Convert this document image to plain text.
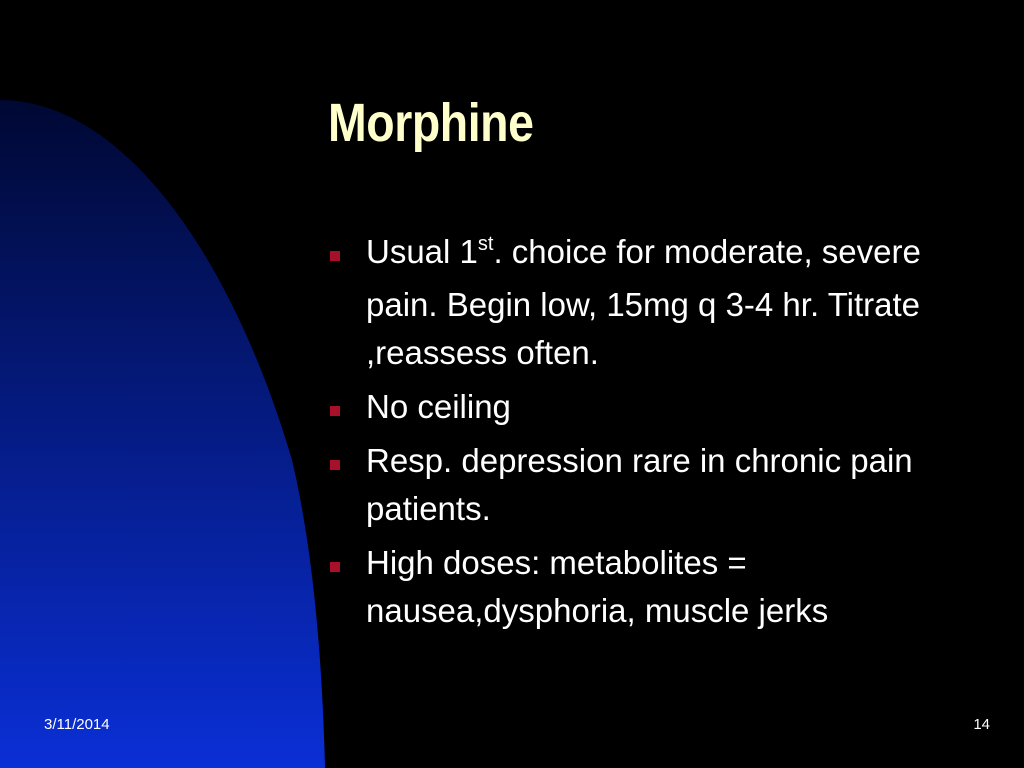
Morphine
Usual 1st. choice for moderate, severe pain. Begin low, 15mg q 3-4 hr. Titrate ,reassess often.
No ceiling
Resp. depression rare in chronic pain patients.
High doses: metabolites = nausea,dysphoria, muscle jerks
3/11/2014	14
